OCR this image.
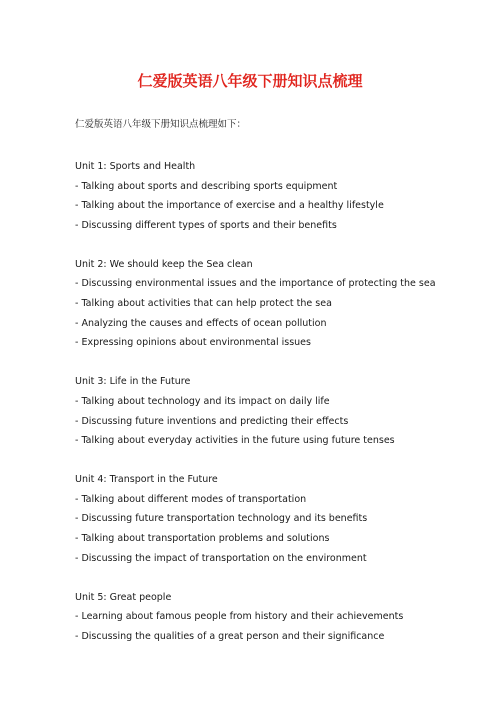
仁爱版英语八年级下册知识点梳理
仁爱版英语八年级下册知识点梳理如下：
Unit 1: Sports and Health
- Talking about sports and describing sports equipment
- Talking about the importance of exercise and a healthy lifestyle
- Discussing different types of sports and their benefits
Unit 2: We should keep the Sea clean
- Discussing environmental issues and the importance of protecting the sea
- Talking about activities that can help protect the sea
- Analyzing the causes and effects of ocean pollution
- Expressing opinions about environmental issues
Unit 3: Life in the Future
- Talking about technology and its impact on daily life
- Discussing future inventions and predicting their effects
- Talking about everyday activities in the future using future tenses
Unit 4: Transport in the Future
- Talking about different modes of transportation
- Discussing future transportation technology and its benefits
- Talking about transportation problems and solutions
- Discussing the impact of transportation on the environment
Unit 5: Great people
- Learning about famous people from history and their achievements
- Discussing the qualities of a great person and their significance
